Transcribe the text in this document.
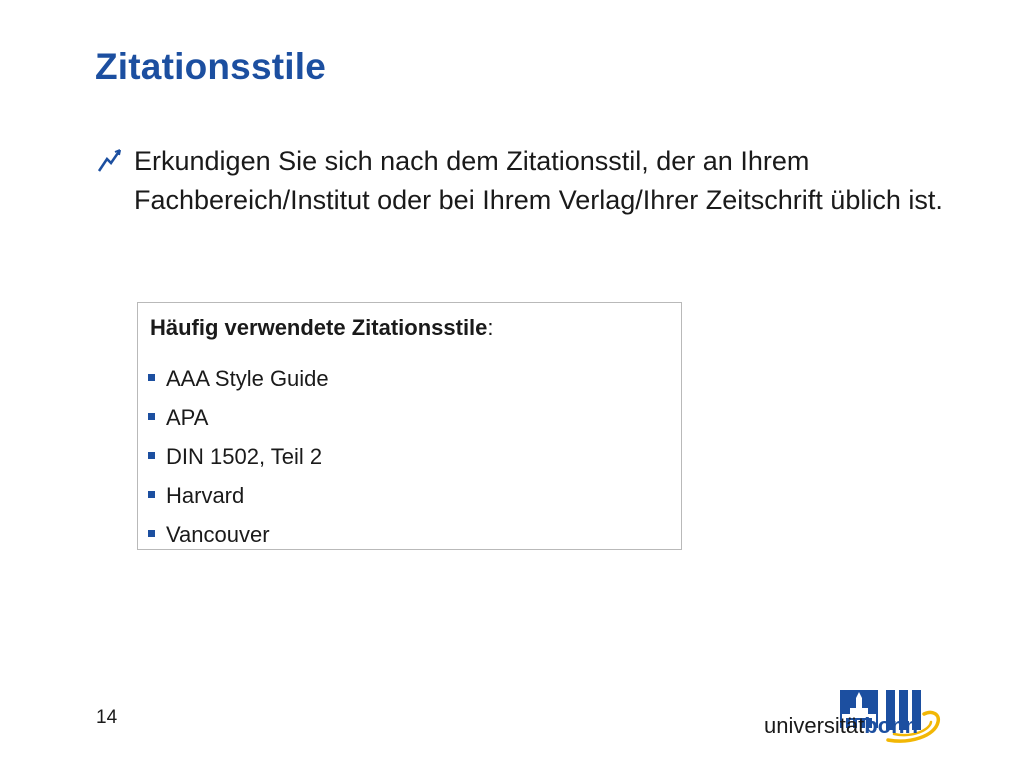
Zitationsstile

Erkundigen Sie sich nach dem Zitationsstil, der an Ihrem Fachbereich/Institut oder bei Ihrem Verlag/Ihrer Zeitschrift üblich ist.

Häufig verwendete Zitationsstile:

AAA Style Guide
APA
DIN 1502, Teil 2
Harvard
Vancouver
14	universitätbonn
